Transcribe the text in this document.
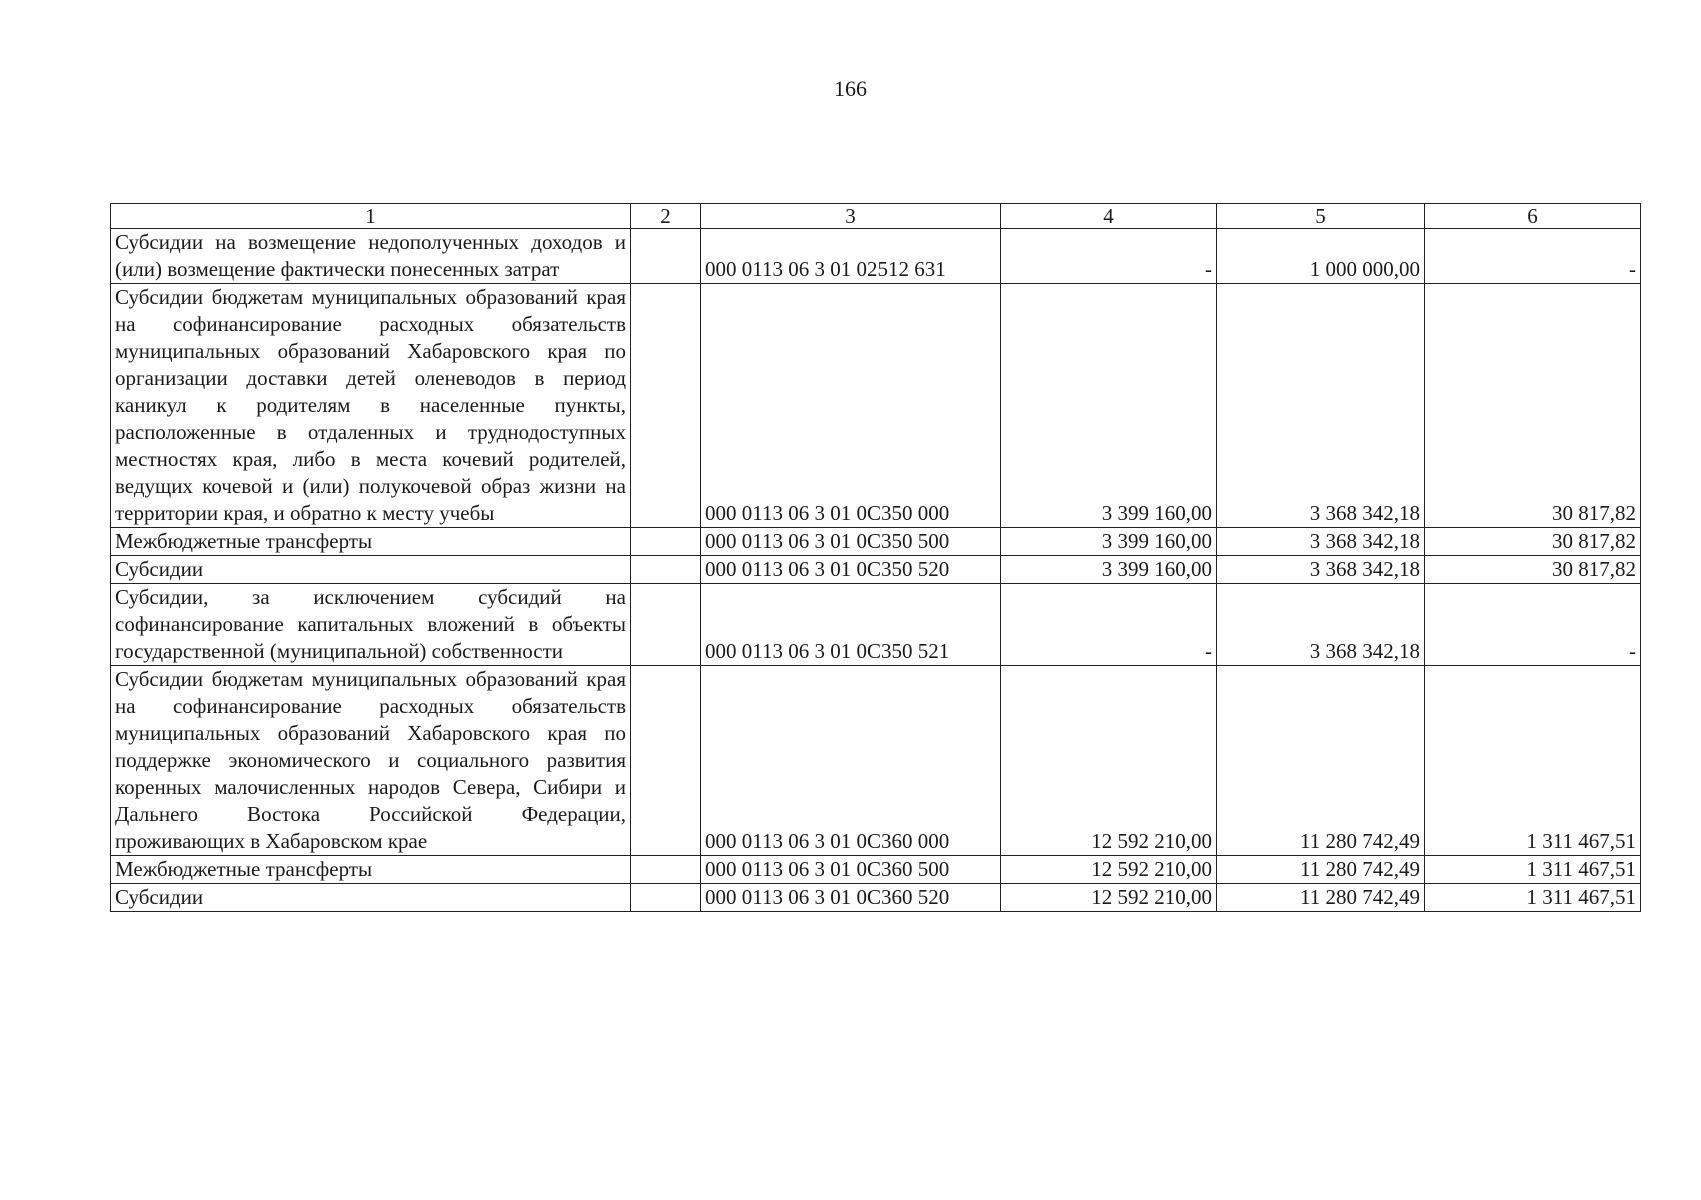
166
1	2	3	4	5	6
Субсидии на возмещение недополученных доходов и (или) возмещение фактически понесенных затрат		000 0113 06 3 01 02512 631	-	1 000 000,00	-
Субсидии бюджетам муниципальных образований края на софинансирование расходных обязательств муниципальных образований Хабаровского края по организации доставки детей оленеводов в период каникул к родителям в населенные пункты, расположенные в отдаленных и труднодоступных местностях края, либо в места кочевий родителей, ведущих кочевой и (или) полукочевой образ жизни на территории края, и обратно к месту учебы		000 0113 06 3 01 0С350 000	3 399 160,00	3 368 342,18	30 817,82
Межбюджетные трансферты		000 0113 06 3 01 0С350 500	3 399 160,00	3 368 342,18	30 817,82
Субсидии		000 0113 06 3 01 0С350 520	3 399 160,00	3 368 342,18	30 817,82
Субсидии, за исключением субсидий на софинансирование капитальных вложений в объекты государственной (муниципальной) собственности		000 0113 06 3 01 0С350 521	-	3 368 342,18	-
Субсидии бюджетам муниципальных образований края на софинансирование расходных обязательств муниципальных образований Хабаровского края по поддержке экономического и социального развития коренных малочисленных народов Севера, Сибири и Дальнего Востока Российской Федерации, проживающих в Хабаровском крае		000 0113 06 3 01 0С360 000	12 592 210,00	11 280 742,49	1 311 467,51
Межбюджетные трансферты		000 0113 06 3 01 0С360 500	12 592 210,00	11 280 742,49	1 311 467,51
Субсидии		000 0113 06 3 01 0С360 520	12 592 210,00	11 280 742,49	1 311 467,51
